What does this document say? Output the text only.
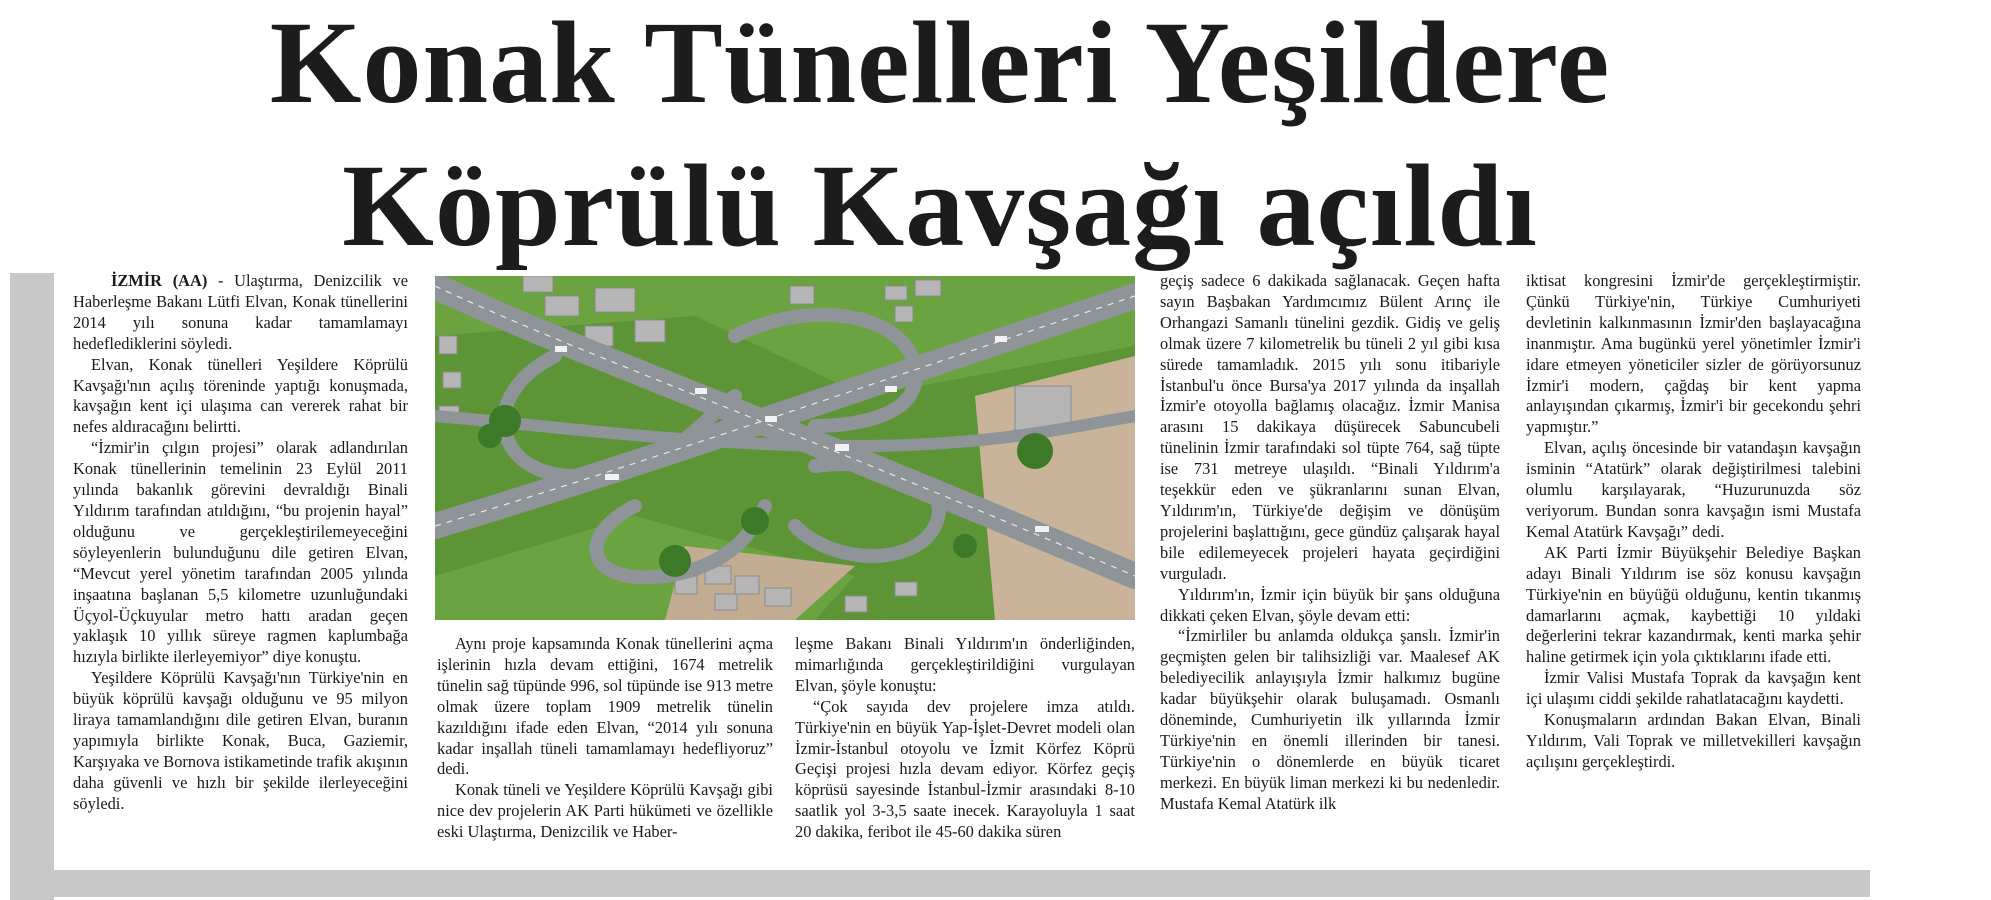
Konak Tünelleri Yeşildere
Köprülü Kavşağı açıldı

İZMİR (AA) - Ulaştırma, Denizcilik ve Haberleşme Bakanı Lütfi Elvan, Konak tünellerini 2014 yılı sonuna kadar tamamlamayı hedeflediklerini söyledi.

Elvan, Konak tünelleri Yeşildere Köprülü Kavşağı'nın açılış töreninde yaptığı konuşmada, kavşağın kent içi ulaşıma can vererek rahat bir nefes aldıracağını belirtti.

“İzmir'in çılgın projesi” olarak adlandırılan Konak tünellerinin temelinin 23 Eylül 2011 yılında bakanlık görevini devraldığı Binali Yıldırım tarafından atıldığını, “bu projenin hayal” olduğunu ve gerçekleştirilemeyeceğini söyleyenlerin bulunduğunu dile getiren Elvan, “Mevcut yerel yönetim tarafından 2005 yılında inşaatına başlanan 5,5 kilometre uzunluğundaki Üçyol-Üçkuyular metro hattı aradan geçen yaklaşık 10 yıllık süreye ragmen kaplumbağa hızıyla birlikte ilerleyemiyor” diye konuştu.

Yeşildere Köprülü Kavşağı'nın Türkiye'nin en büyük köprülü kavşağı olduğunu ve 95 milyon liraya tamamlandığını dile getiren Elvan, buranın yapımıyla birlikte Konak, Buca, Gaziemir, Karşıyaka ve Bornova istikametinde trafik akışının daha güvenli ve hızlı bir şekilde ilerleyeceğini söyledi.

Aynı proje kapsamında Konak tünellerini açma işlerinin hızla devam ettiğini, 1674 metrelik tünelin sağ tüpünde 996, sol tüpünde ise 913 metre olmak üzere toplam 1909 metrelik tünelin kazıldığını ifade eden Elvan, “2014 yılı sonuna kadar inşallah tüneli tamamlamayı hedefliyoruz” dedi.

Konak tüneli ve Yeşildere Köprülü Kavşağı gibi nice dev projelerin AK Parti hükümeti ve özellikle eski Ulaştırma, Denizcilik ve Haber-

leşme Bakanı Binali Yıldırım'ın önderliğinden, mimarlığında gerçekleştirildiğini vurgulayan Elvan, şöyle konuştu:

“Çok sayıda dev projelere imza atıldı. Türkiye'nin en büyük Yap-İşlet-Devret modeli olan İzmir-İstanbul otoyolu ve İzmit Körfez Köprü Geçişi projesi hızla devam ediyor. Körfez geçiş köprüsü sayesinde İstanbul-İzmir arasındaki 8-10 saatlik yol 3-3,5 saate inecek. Karayoluyla 1 saat 20 dakika, feribot ile 45-60 dakika süren

geçiş sadece 6 dakikada sağlanacak. Geçen hafta sayın Başbakan Yardımcımız Bülent Arınç ile Orhangazi Samanlı tünelini gezdik. Gidiş ve geliş olmak üzere 7 kilometrelik bu tüneli 2 yıl gibi kısa sürede tamamladık. 2015 yılı sonu itibariyle İstanbul'u önce Bursa'ya 2017 yılında da inşallah İzmir'e otoyolla bağlamış olacağız. İzmir Manisa arasını 15 dakikaya düşürecek Sabuncubeli tünelinin İzmir tarafındaki sol tüpte 764, sağ tüpte ise 731 metreye ulaşıldı. “Binali Yıldırım'a teşekkür eden ve şükranlarını sunan Elvan, Yıldırım'ın, Türkiye'de değişim ve dönüşüm projelerini başlattığını, gece gündüz çalışarak hayal bile edilemeyecek projeleri hayata geçirdiğini vurguladı.

Yıldırım'ın, İzmir için büyük bir şans olduğuna dikkati çeken Elvan, şöyle devam etti:

“İzmirliler bu anlamda oldukça şanslı. İzmir'in geçmişten gelen bir talihsizliği var. Maalesef AK belediyecilik anlayışıyla İzmir halkımız bugüne kadar büyükşehir olarak buluşamadı. Osmanlı döneminde, Cumhuriyetin ilk yıllarında İzmir Türkiye'nin en önemli illerinden bir tanesi. Türkiye'nin o dönemlerde en büyük ticaret merkezi. En büyük liman merkezi ki bu nedenledir. Mustafa Kemal Atatürk ilk

iktisat kongresini İzmir'de gerçekleştirmiştir. Çünkü Türkiye'nin, Türkiye Cumhuriyeti devletinin kalkınmasının İzmir'den başlayacağına inanmıştır. Ama bugünkü yerel yönetimler İzmir'i idare etmeyen yöneticiler sizler de görüyorsunuz İzmir'i modern, çağdaş bir kent yapma anlayışından çıkarmış, İzmir'i bir gecekondu şehri yapmıştır.”

Elvan, açılış öncesinde bir vatandaşın kavşağın isminin “Atatürk” olarak değiştirilmesi talebini olumlu karşılayarak, “Huzurunuzda söz veriyorum. Bundan sonra kavşağın ismi Mustafa Kemal Atatürk Kavşağı” dedi.

AK Parti İzmir Büyükşehir Belediye Başkan adayı Binali Yıldırım ise söz konusu kavşağın Türkiye'nin en büyüğü olduğunu, kentin tıkanmış damarlarını açmak, kaybettiği 10 yıldaki değerlerini tekrar kazandırmak, kenti marka şehir haline getirmek için yola çıktıklarını ifade etti.

İzmir Valisi Mustafa Toprak da kavşağın kent içi ulaşımı ciddi şekilde rahatlatacağını kaydetti.

Konuşmaların ardından Bakan Elvan, Binali Yıldırım, Vali Toprak ve milletvekilleri kavşağın açılışını gerçekleştirdi.
